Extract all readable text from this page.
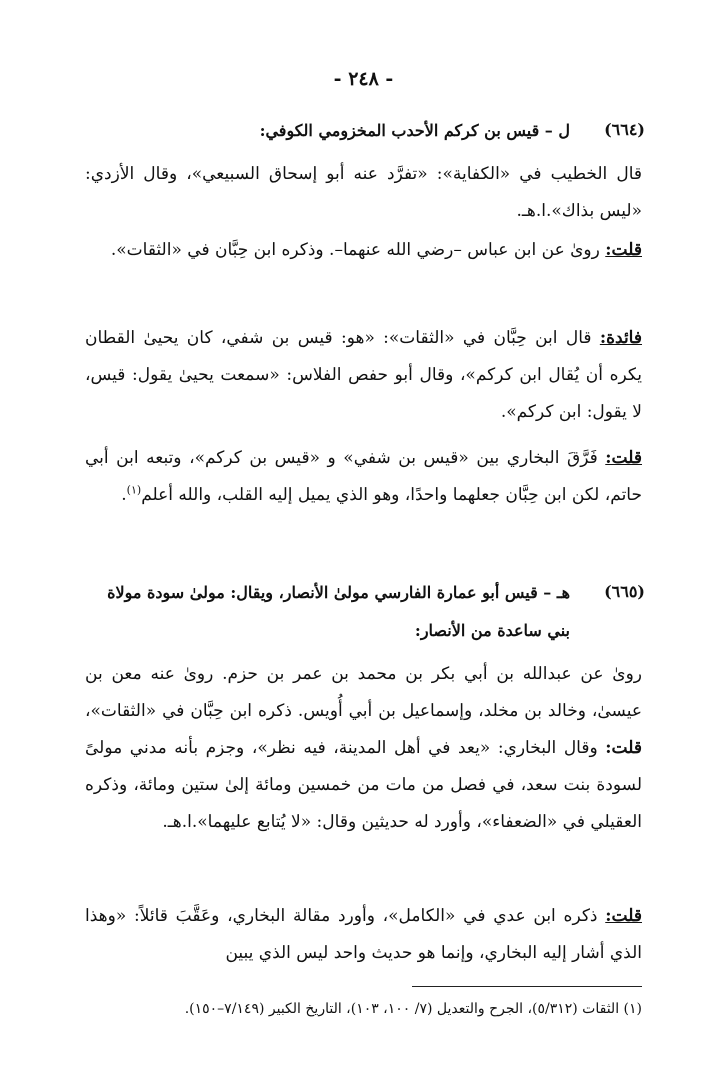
- ٢٤٨ -
(٦٦٤)
ل – قيس بن كركم الأحدب المخزومي الكوفي:
قال الخطيب في «الكفاية»: «تفرَّد عنه أبو إسحاق السبيعي»، وقال الأزدي: «ليس بذاك».ا.هـ.
قلت: روىٰ عن ابن عباس –رضي الله عنهما–. وذكره ابن حِبَّان في «الثقات».
فائدة: قال ابن حِبَّان في «الثقات»: «هو: قيس بن شفي، كان يحيىٰ القطان يكره أن يُقال ابن كركم»، وقال أبو حفص الفلاس: «سمعت يحيىٰ يقول: قيس، لا يقول: ابن كركم».
قلت: فَرَّقَ البخاري بين «قيس بن شفي» و «قيس بن كركم»، وتبعه ابن أبي حاتم، لكن ابن حِبَّان جعلهما واحدًا، وهو الذي يميل إليه القلب، والله أعلم$^{(١)}$.
(٦٦٥)
هـ – قيس أبو عمارة الفارسي مولىٰ الأنصار، ويقال: مولىٰ سودة مولاة بني ساعدة من الأنصار:
روىٰ عن عبدالله بن أبي بكر بن محمد بن عمر بن حزم. روىٰ عنه معن بن عيسىٰ، وخالد بن مخلد، وإسماعيل بن أبي أُويس. ذكره ابن حِبَّان في «الثقات»، قلت: وقال البخاري: «يعد في أهل المدينة، فيه نظر»، وجزم بأنه مدني مولىً لسودة بنت سعد، في فصل من مات من خمسين ومائة إلىٰ ستين ومائة، وذكره العقيلي في «الضعفاء»، وأورد له حديثين وقال: «لا يُتابع عليهما».ا.هـ.
قلت: ذكره ابن عدي في «الكامل»، وأورد مقالة البخاري، وعَقَّبَ قائلاً: «وهذا الذي أشار إليه البخاري، وإنما هو حديث واحد ليس الذي يبين
(١) الثقات (٥/٣١٢)، الجرح والتعديل (٧/ ١٠٠، ١٠٣)، التاريخ الكبير (٧/١٤٩–١٥٠).
